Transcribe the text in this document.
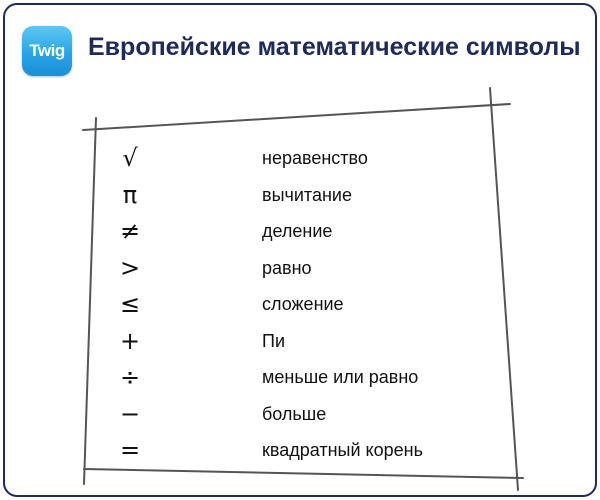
Twig Европейские математические символы
√	неравенство
π	вычитание
≠	деление
>	равно
≤	сложение
+	Пи
÷	меньше или равно
−	больше
=	квадратный корень
